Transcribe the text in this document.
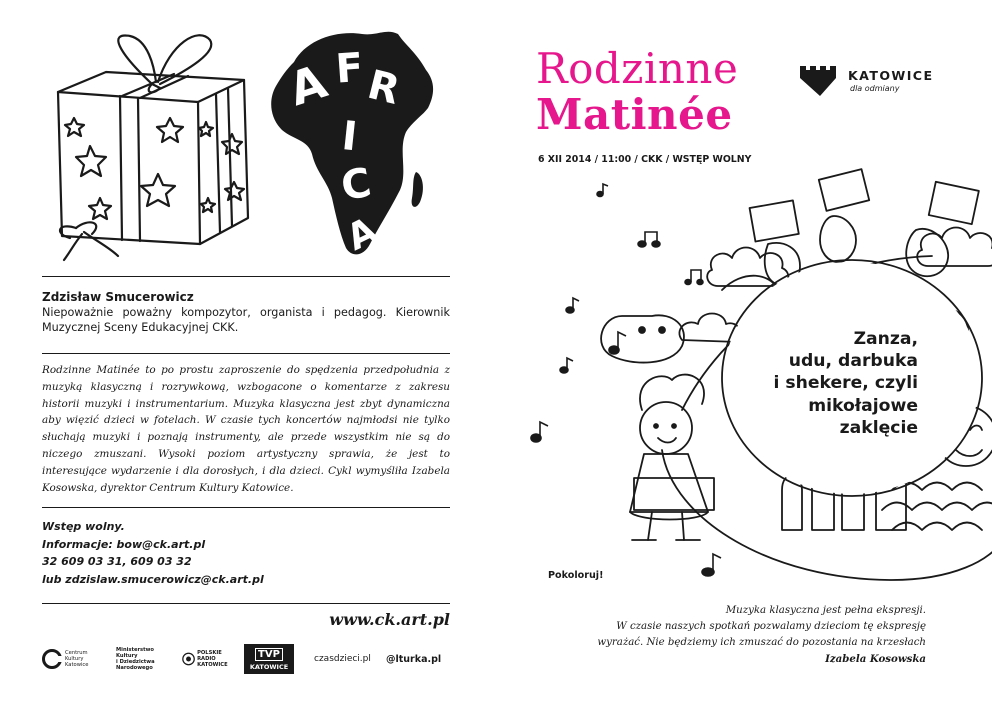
A F
R
I
C
A
Zdzisław Smucerowicz
Niepoważnie poważny kompozytor, organista i pedagog. Kierownik Muzycznej Sceny Edukacyjnej CKK.
Rodzinne Matinée to po prostu zaproszenie do spędzenia przedpołudnia z muzyką klasyczną i rozrywkową, wzbogacone o komentarze z zakresu historii muzyki i instrumentarium. Muzyka klasyczna jest zbyt dynamiczna aby więzić dzieci w fotelach. W czasie tych koncertów najmłodsi nie tylko słuchają muzyki i poznają instrumenty, ale przede wszystkim nie są do niczego zmuszani. Wysoki poziom artystyczny sprawia, że jest to interesujące wydarzenie i dla dorosłych, i dla dzieci. Cykl wymyśliła Izabela Kosowska, dyrektor Centrum Kultury Katowice.
Wstęp wolny.
Informacje: bow@ck.art.pl
32 609 03 31, 609 03 32
lub zdzislaw.smucerowicz@ck.art.pl
www.ck.art.pl
Centrum
Kultury
Katowice
Ministerstwo
Kultury
i Dziedzictwa
Narodowego
POLSKIE RADIO
KATOWICE
TVP
KATOWICE
czasdzieci.pl @lturka.pl
Rodzinne
Matinée
6 XII 2014 / 11:00 / CKK / WSTĘP WOLNY
KATOWICE
dla odmiany
Zanza,
udu, darbuka
i shekere, czyli
mikołajowe
zaklęcie
Pokoloruj!
Muzyka klasyczna jest pełna ekspresji.
W czasie naszych spotkań pozwalamy dzieciom tę ekspresję
wyrażać. Nie będziemy ich zmuszać do pozostania na krzesłach
Izabela Kosowska
